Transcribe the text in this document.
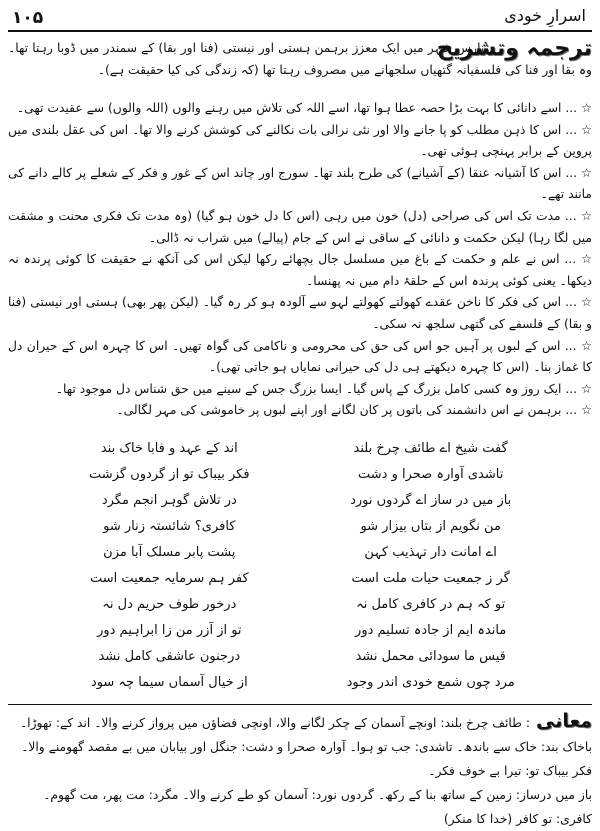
۱۰۵	اسرارِ خودی
ترجمہ وتشریح

بنارس شہر میں ایک معزز برہمن ہستی اور نیستی (فنا اور بقا) کے سمندر میں ڈوبا رہتا تھا۔ وہ بقا اور فنا کی فلسفیانہ گتھیاں سلجھانے میں مصروف رہتا تھا (کہ زندگی کی کیا حقیقت ہے)۔

☆ ... اسے دانائی کا بہت بڑا حصہ عطا ہوا تھا، اسے اللہ کی تلاش میں رہنے والوں (اللہ والوں) سے عقیدت تھی۔

☆ ... اس کا ذہن مطلب کو پا جانے والا اور نئی نرالی بات نکالنے کی کوشش کرنے والا تھا۔ اس کی عقل بلندی میں پروین کے برابر پہنچی ہوئی تھی۔

☆ ... اس کا آشیانہ عنقا (کے آشیانے) کی طرح بلند تھا۔ سورج اور چاند اس کے غور و فکر کے شعلے پر کالے دانے کی مانند تھے۔

☆ ... مدت تک اس کی صراحی (دل) خون میں رہی (اس کا دل خون ہو گیا) (وہ مدت تک فکری محنت و مشقت میں لگا رہا) لیکن حکمت و دانائی کے ساقی نے اس کے جام (پیالے) میں شراب نہ ڈالی۔

☆ ... اس نے علم و حکمت کے باغ میں مسلسل جال بچھائے رکھا لیکن اس کی آنکھ نے حقیقت کا کوئی پرندہ نہ دیکھا۔ یعنی کوئی پرندہ اس کے حلقۂ دام میں نہ پھنسا۔

☆ ... اس کی فکر کا ناخن عقدے کھولتے کھولتے لہو سے آلودہ ہو کر رہ گیا۔ (لیکن پھر بھی) ہستی اور نیستی (فنا و بقا) کے فلسفے کی گتھی سلجھ نہ سکی۔

☆ ... اس کے لبوں پر آہیں جو اس کی حق کی محرومی و ناکامی کی گواہ تھیں۔ اس کا چہرہ اس کے حیران دل کا غماز بنا۔ (اس کا چہرہ دیکھتے ہی دل کی حیرانی نمایاں ہو جاتی تھی)۔

☆ ... ایک روز وہ کسی کامل بزرگ کے پاس گیا۔ ایسا بزرگ جس کے سینے میں حق شناس دل موجود تھا۔

☆ ... برہمن نے اس دانشمند کی باتوں پر کان لگانے اور اپنے لبوں پر خاموشی کی مہر لگالی۔

گفت شیخ اے طائف چرخ بلند
اند کے عہد و فابا خاک بند
تاشدی آوارہ صحرا و دشت
فکر بیباک تو از گردوں گزشت
باز میں در ساز اے گردوں نورد
در تلاش گوہر انجم مگرد
من نگویم از بتاں بیزار شو
کافری؟ شائستہ زنار شو
اے امانت دار تہذیب کہن
پشت پابر مسلک آبا مزن
گر ز جمعیت حیات ملت است
کفر ہم سرمایہ جمعیت است
تو کہ ہم در کافری کامل نہ
درخور طوف حریم دل نہ
ماندہ ایم از جادہ تسلیم دور
تو از آزر من زا ابراہیم دور
قیس ما سودائی محمل نشد
درجنون عاشقی کامل نشد
مرد چوں شمع خودی اندر وجود
از خیال آسماں سیما چہ سود
معانی: طائف چرخ بلند: اونچے آسمان کے چکر لگانے والا، اونچی فضاؤں میں پرواز کرنے والا۔ اند کے: تھوڑا۔ باخاک بند: خاک سے باندھ۔ تاشدی: جب تو ہوا۔ آوارہ صحرا و دشت: جنگل اور بیابان میں بے مقصد گھومنے والا۔ فکر بیباک تو: تیرا بے خوف فکر۔
باز میں درساز: زمین کے ساتھ بنا کے رکھ۔ گردوں نورد: آسمان کو طے کرنے والا۔ مگرد: مت پھر، مت گھوم۔ کافری: تو کافر (خدا کا منکر)
